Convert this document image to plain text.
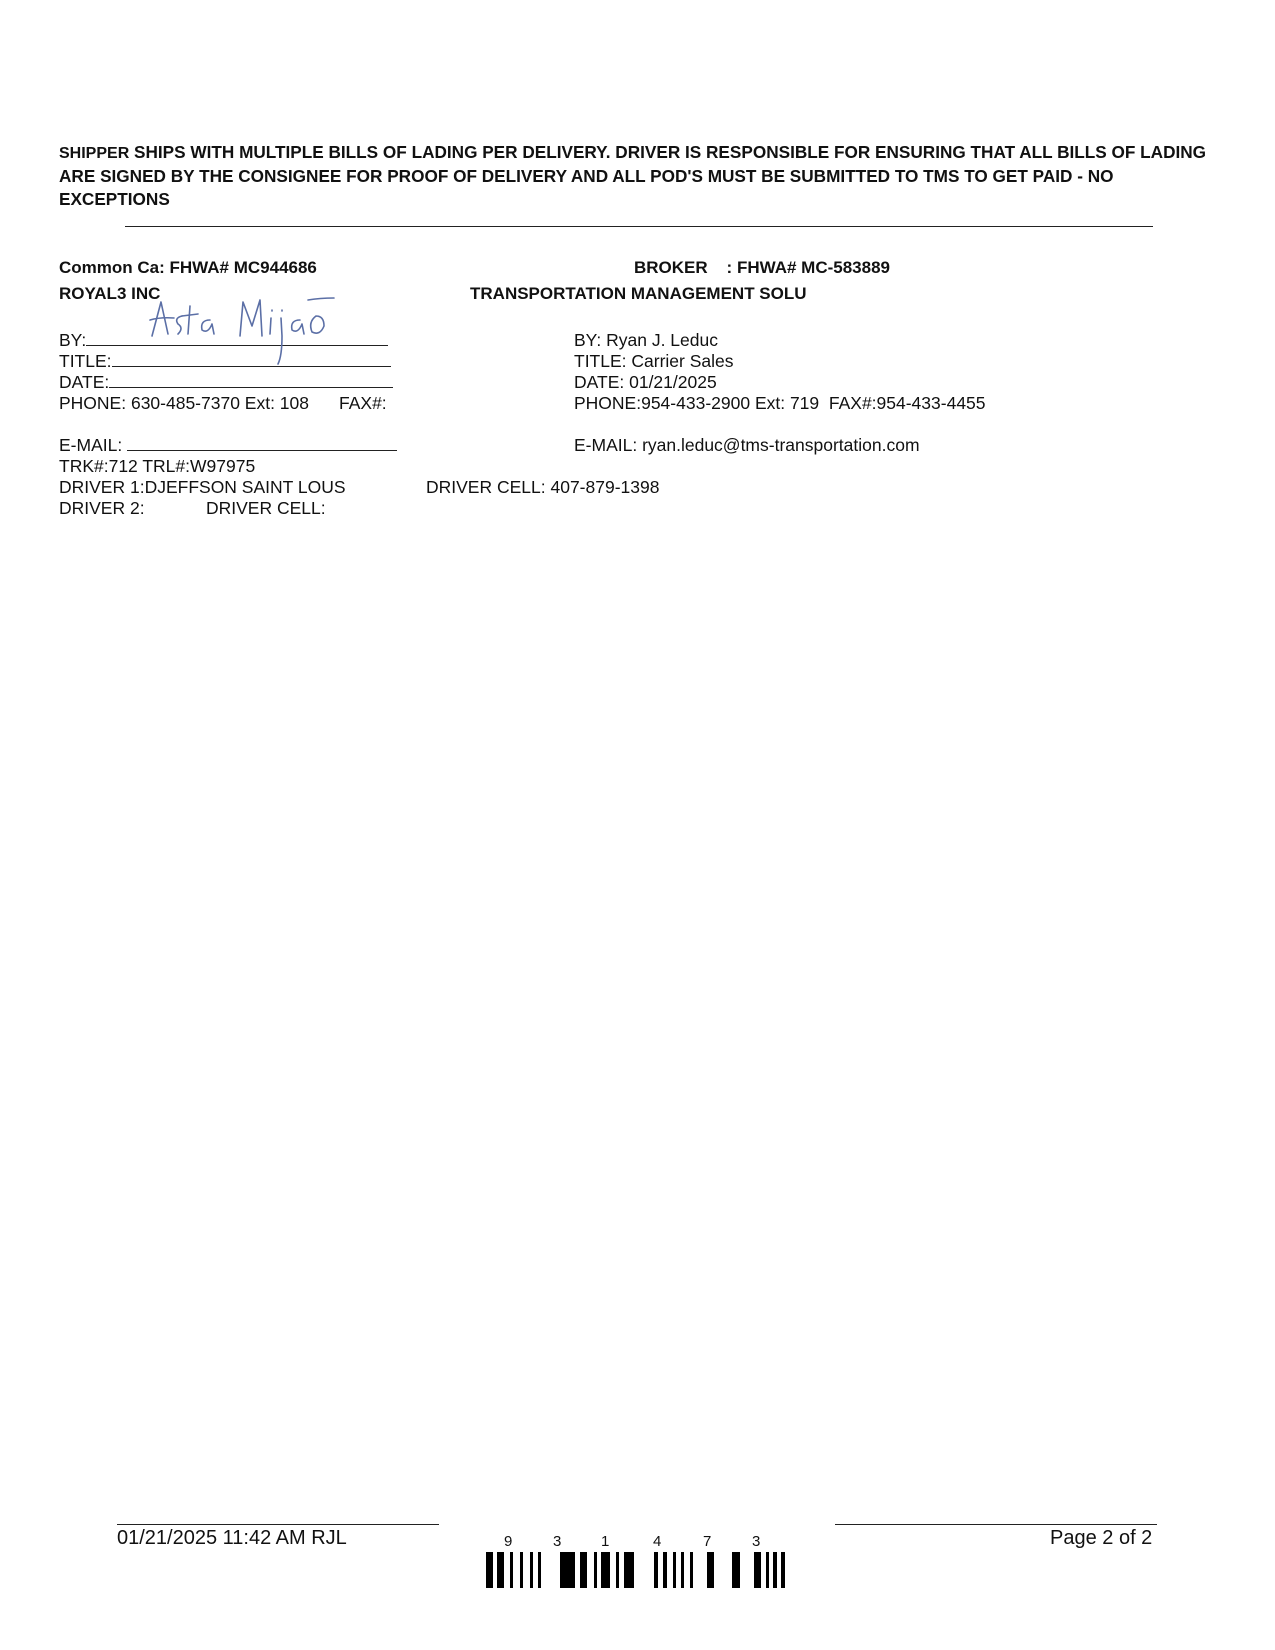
SHIPPER SHIPS WITH MULTIPLE BILLS OF LADING PER DELIVERY. DRIVER IS RESPONSIBLE FOR ENSURING THAT ALL BILLS OF LADING ARE SIGNED BY THE CONSIGNEE FOR PROOF OF DELIVERY AND ALL POD'S MUST BE SUBMITTED TO TMS TO GET PAID - NO EXCEPTIONS
Common Ca: FHWA# MC944686
ROYAL3 INC
BY:
TITLE:
DATE:
PHONE: 630-485-7370 Ext: 108 FAX#:
E-MAIL:
TRK#:712 TRL#:W97975
DRIVER 1:DJEFFSON SAINT LOUS	DRIVER CELL: 407-879-1398
DRIVER 2:	DRIVER CELL:
BROKER    : FHWA# MC-583889
TRANSPORTATION MANAGEMENT SOLU
BY: Ryan J. Leduc
TITLE: Carrier Sales
DATE: 01/21/2025
PHONE:954-433-2900 Ext: 719  FAX#:954-433-4455
E-MAIL: ryan.leduc@tms-transportation.com
01/21/2025 11:42 AM RJL	Page 2 of 2
9	3	1	4	7	3
